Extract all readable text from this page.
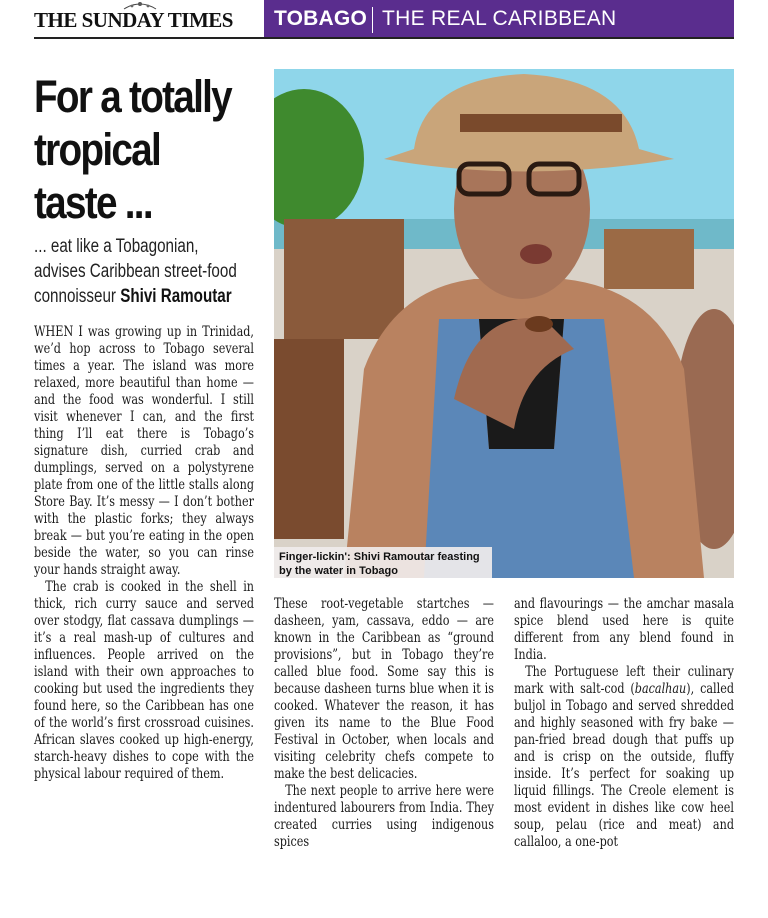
THE SUNDAY TIMES	TOBAGO THE REAL CARIBBEAN
For a totally
tropical
taste ...
... eat like a Tobagonian,
advises Caribbean street-food
connoisseur Shivi Ramoutar
Finger-lickin': Shivi Ramoutar feasting
by the water in Tobago

WHEN I was growing up in Trinidad, we’d hop across to Tobago several times a year. The island was more relaxed, more beautiful than home — and the food was wonderful. I still visit whenever I can, and the first thing I’ll eat there is Tobago’s signature dish, curried crab and dumplings, served on a polystyrene plate from one of the little stalls along Store Bay. It’s messy — I don’t bother with the plastic forks; they always break — but you’re eating in the open beside the water, so you can rinse your hands straight away.

The crab is cooked in the shell in thick, rich curry sauce and served over stodgy, flat cassava dumplings — it’s a real mash-up of cultures and influences. People arrived on the island with their own approaches to cooking but used the ingredients they found here, so the Caribbean has one of the world’s first crossroad cuisines. African slaves cooked up high-energy, starch-heavy dishes to cope with the physical labour required of them.

These root-vegetable startches — dasheen, yam, cassava, eddo — are known in the Caribbean as “ground provisions”, but in Tobago they’re called blue food. Some say this is because dasheen turns blue when it is cooked. Whatever the reason, it has given its name to the Blue Food Festival in October, when locals and visiting celebrity chefs compete to make the best delicacies.

The next people to arrive here were indentured labourers from India. They created curries using indigenous spices

and flavourings — the amchar masala spice blend used here is quite different from any blend found in India.

The Portuguese left their culinary mark with salt-cod (bacalhau), called buljol in Tobago and served shredded and highly seasoned with fry bake — pan-fried bread dough that puffs up and is crisp on the outside, fluffy inside. It’s perfect for soaking up liquid fillings. The Creole element is most evident in dishes like cow heel soup, pelau (rice and meat) and callaloo, a one-pot
